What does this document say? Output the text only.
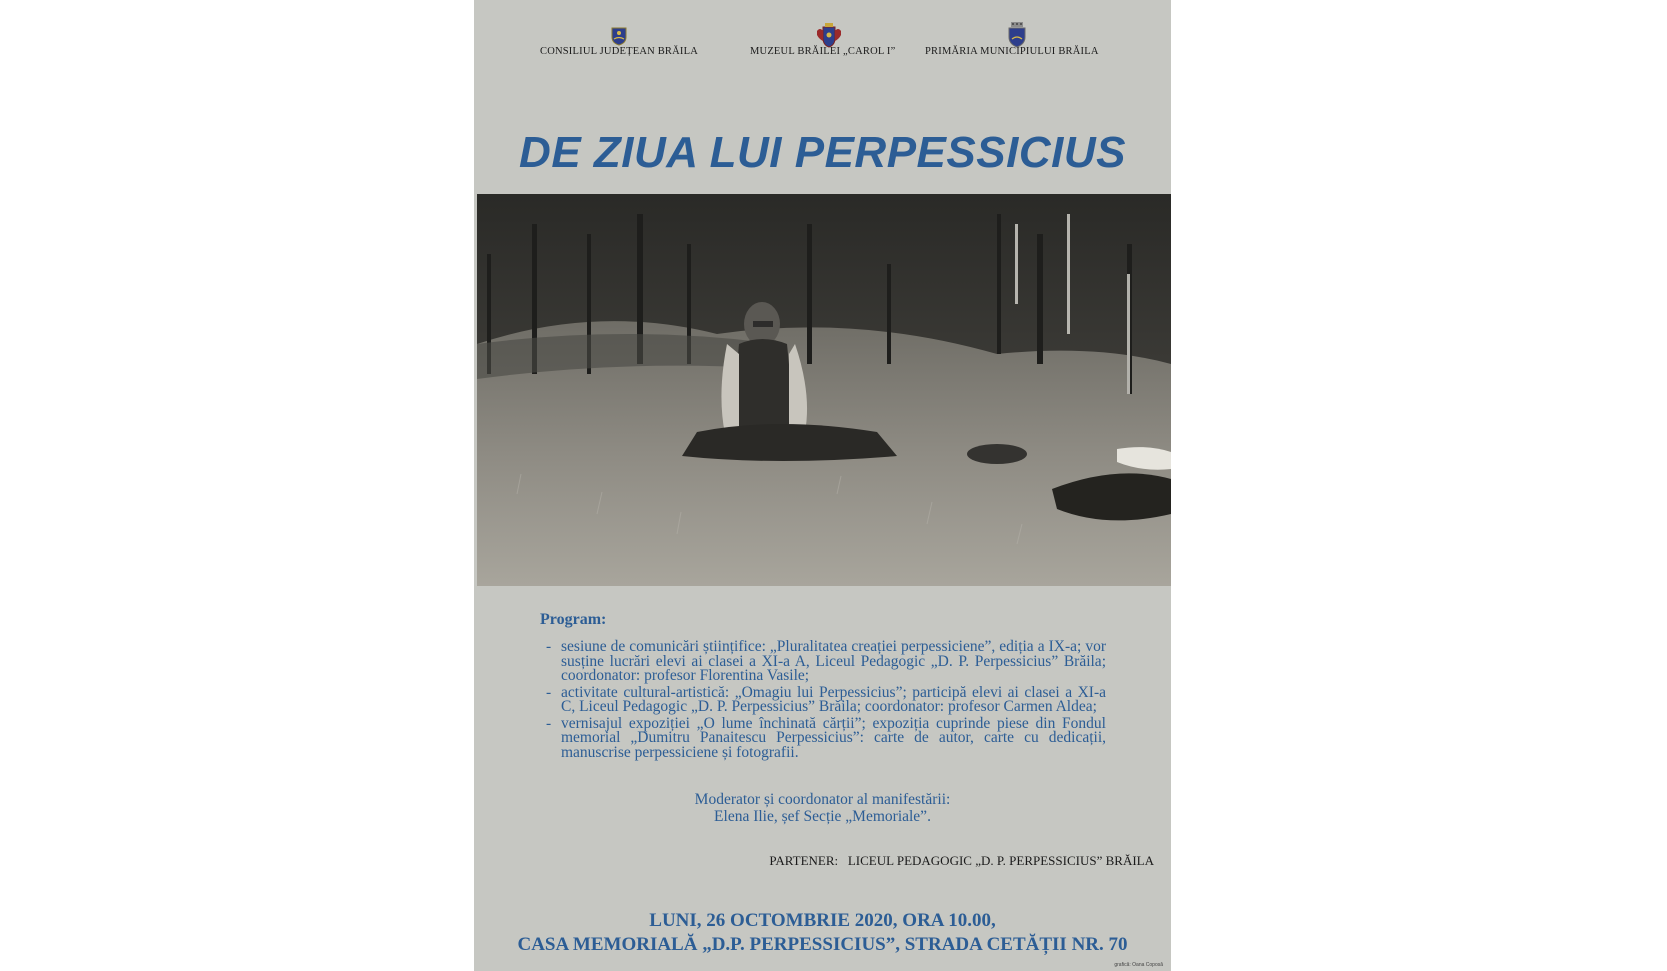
CONSILIUL JUDEȚEAN BRĂILA	MUZEUL BRĂILEI „CAROL I”	PRIMĂRIA MUNICIPIULUI BRĂILA
DE ZIUA LUI PERPESSICIUS
Program:
- sesiune de comunicări științifice: „Pluralitatea creației perpessiciene”, ediția a IX-a; vor susține lucrări elevi ai clasei a XI-a A, Liceul Pedagogic „D. P. Perpessicius” Brăila; coordonator: profesor Florentina Vasile;
- activitate cultural-artistică: „Omagiu lui Perpessicius”; participă elevi ai clasei a XI-a C, Liceul Pedagogic „D. P. Perpessicius” Brăila; coordonator: profesor Carmen Aldea;
- vernisajul expoziției „O lume închinată cărții”; expoziția cuprinde piese din Fondul memorial „Dumitru Panaitescu Perpessicius”: carte de autor, carte cu dedicații, manuscrise perpessiciene și fotografii.
Moderator și coordonator al manifestării:
Elena Ilie, șef Secție „Memoriale”.
PARTENER:   LICEUL PEDAGOGIC „D. P. PERPESSICIUS” BRĂILA
LUNI, 26 OCTOMBRIE 2020, ORA 10.00,
CASA MEMORIALĂ „D.P. PERPESSICIUS”, STRADA CETĂȚII NR. 70
grafică: Oana Coposă
